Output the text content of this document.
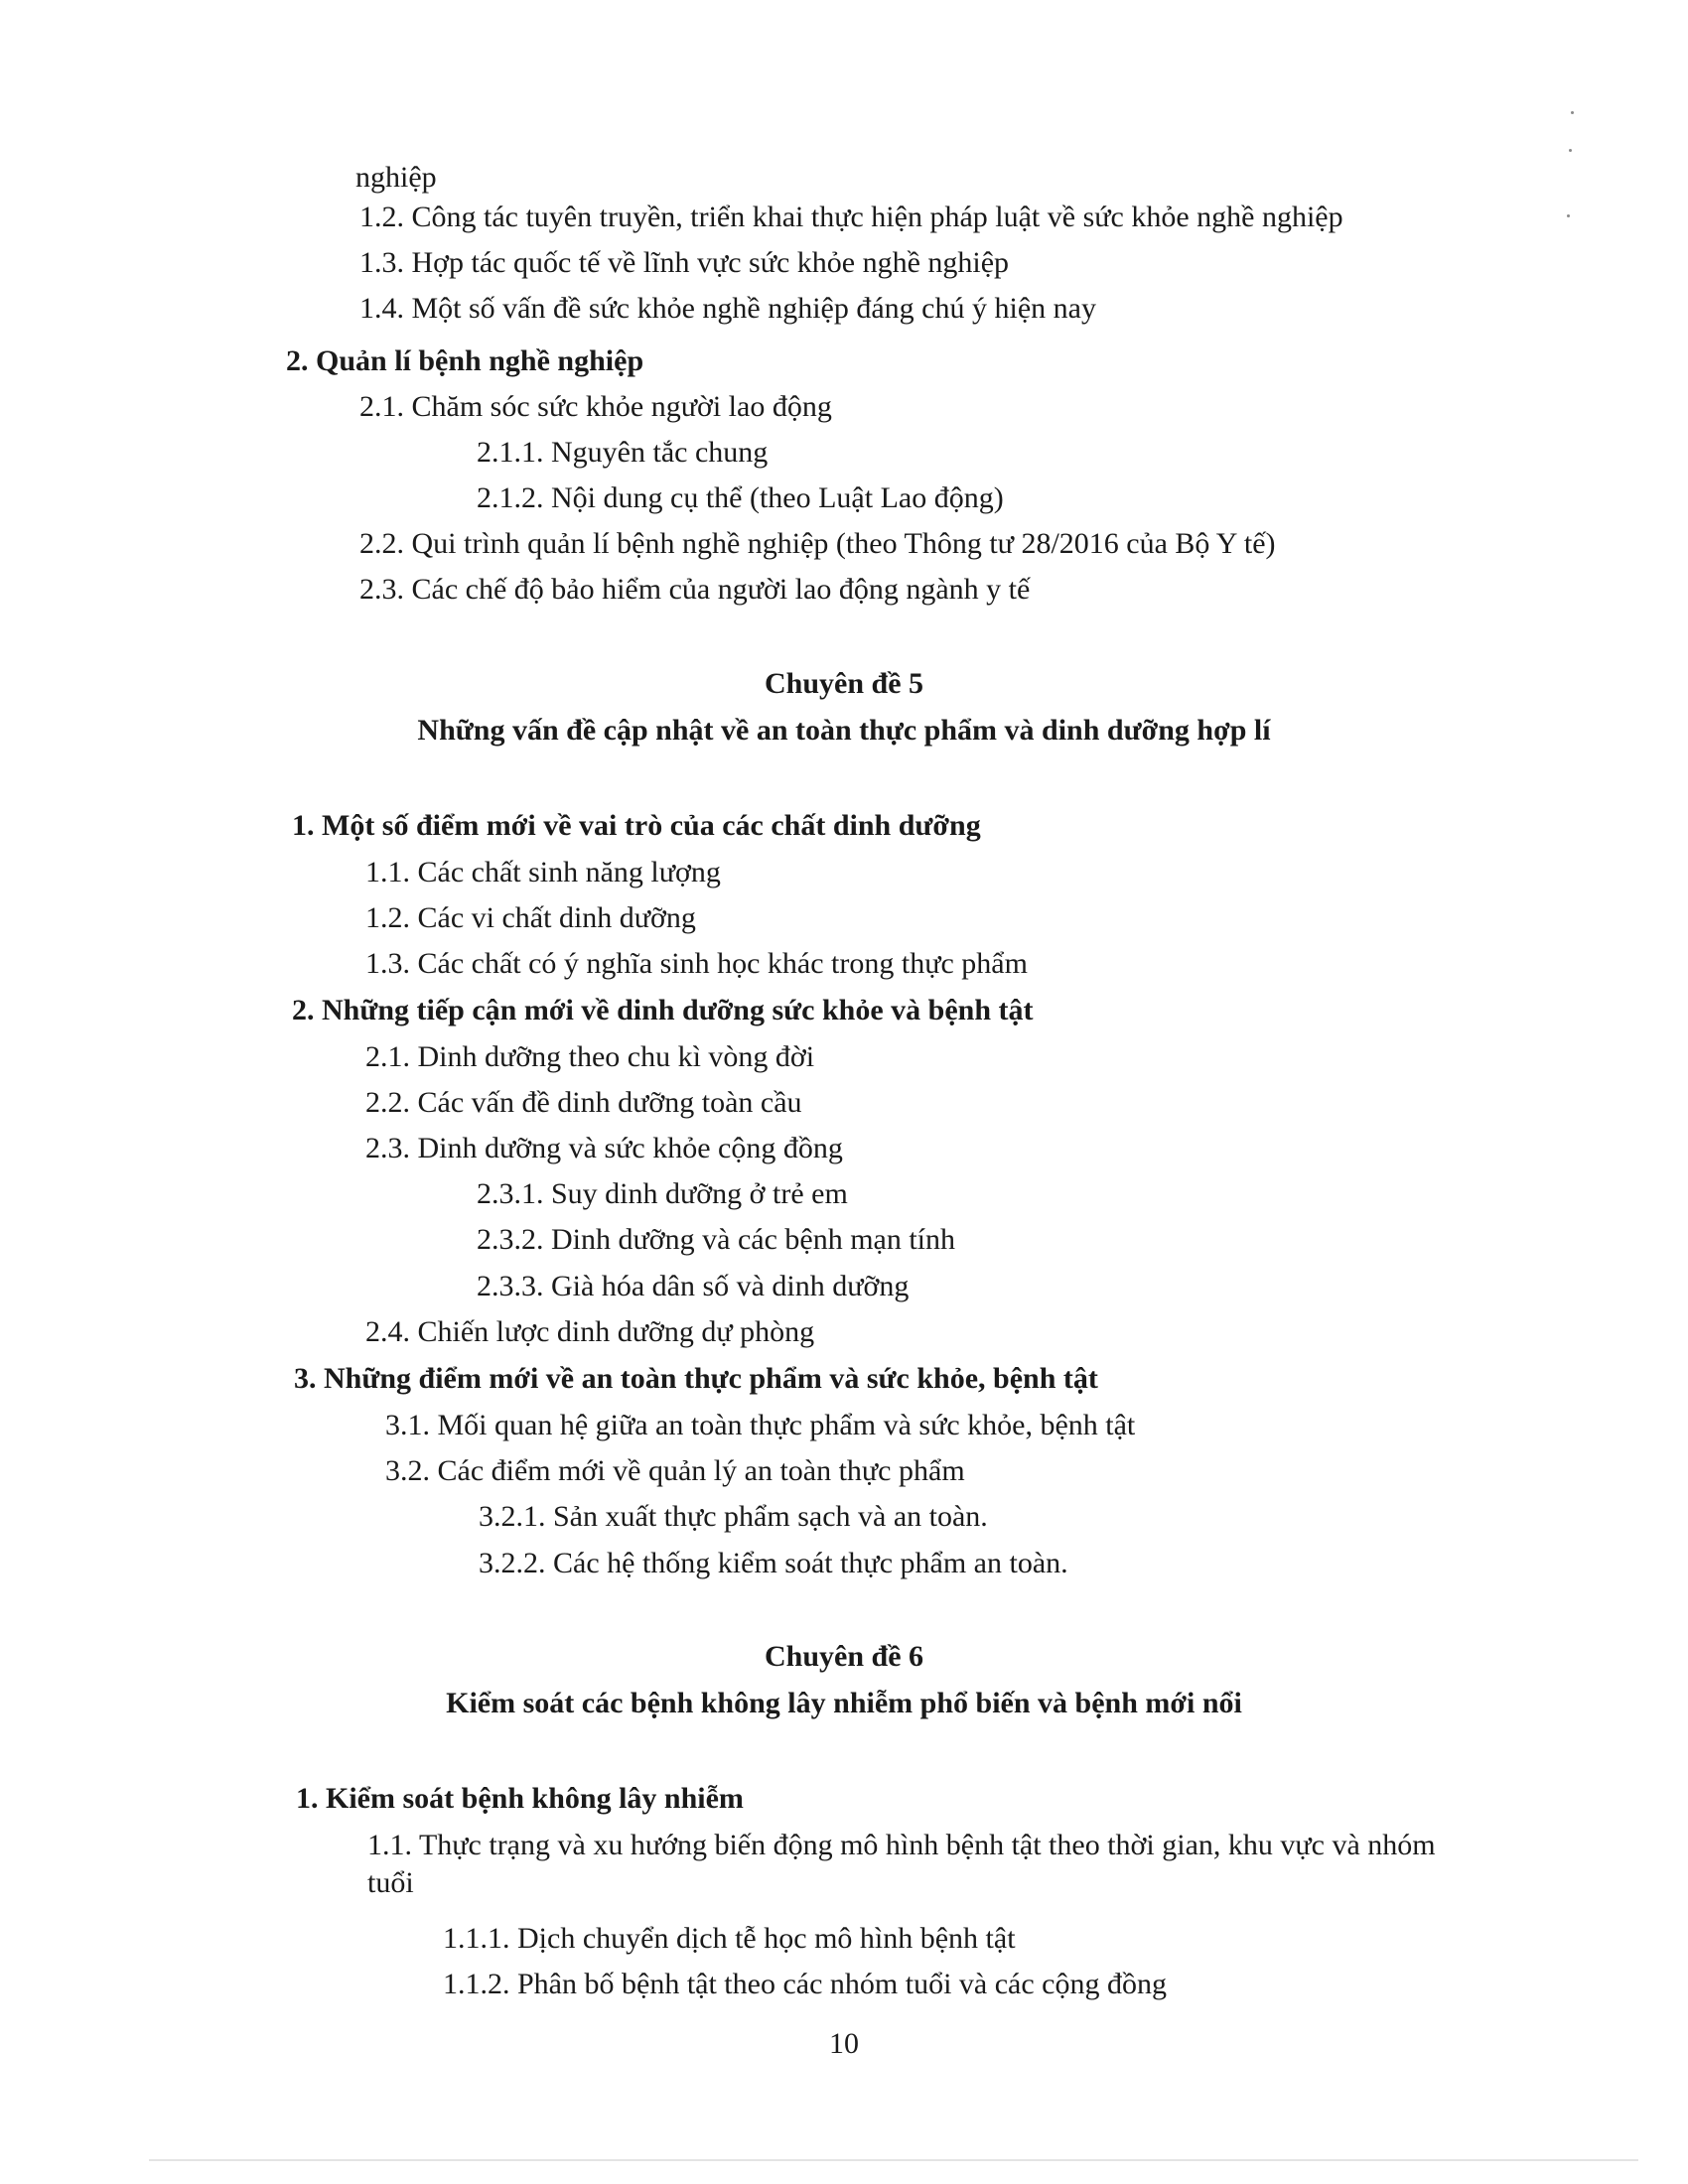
nghiệp
1.2. Công tác tuyên truyền, triển khai thực hiện pháp luật về sức khỏe nghề nghiệp
1.3. Hợp tác quốc tế về lĩnh vực sức khỏe nghề nghiệp
1.4. Một số vấn đề sức khỏe nghề nghiệp đáng chú ý hiện nay
2. Quản lí bệnh nghề nghiệp
2.1. Chăm sóc sức khỏe người lao động
2.1.1. Nguyên tắc chung
2.1.2. Nội dung cụ thể (theo Luật Lao động)
2.2. Qui trình quản lí bệnh nghề nghiệp (theo Thông tư 28/2016 của Bộ Y tế)
2.3. Các chế độ bảo hiểm của người lao động ngành y tế
Chuyên đề 5
Những vấn đề cập nhật về an toàn thực phẩm và dinh dưỡng hợp lí
1. Một số điểm mới về vai trò của các chất dinh dưỡng
1.1. Các chất sinh năng lượng
1.2. Các vi chất dinh dưỡng
1.3. Các chất có ý nghĩa sinh học khác trong thực phẩm
2. Những tiếp cận mới về dinh dưỡng sức khỏe và bệnh tật
2.1. Dinh dưỡng theo chu kì vòng đời
2.2. Các vấn đề dinh dưỡng toàn cầu
2.3. Dinh dưỡng và sức khỏe cộng đồng
2.3.1. Suy dinh dưỡng ở trẻ em
2.3.2. Dinh dưỡng và các bệnh mạn tính
2.3.3. Già hóa dân số và dinh dưỡng
2.4. Chiến lược dinh dưỡng dự phòng
3. Những điểm mới về an toàn thực phẩm và sức khỏe, bệnh tật
3.1. Mối quan hệ giữa an toàn thực phẩm và sức khỏe, bệnh tật
3.2. Các điểm mới về quản lý an toàn thực phẩm
3.2.1. Sản xuất thực phẩm sạch và an toàn.
3.2.2. Các hệ thống kiểm soát thực phẩm an toàn.
Chuyên đề 6
Kiểm soát các bệnh không lây nhiễm phổ biến và bệnh mới nổi
1. Kiểm soát bệnh không lây nhiễm
1.1. Thực trạng và xu hướng biến động mô hình bệnh tật theo thời gian, khu vực và nhóm tuổi
1.1.1. Dịch chuyển dịch tễ học mô hình bệnh tật
1.1.2. Phân bố bệnh tật theo các nhóm tuổi và các cộng đồng
10
